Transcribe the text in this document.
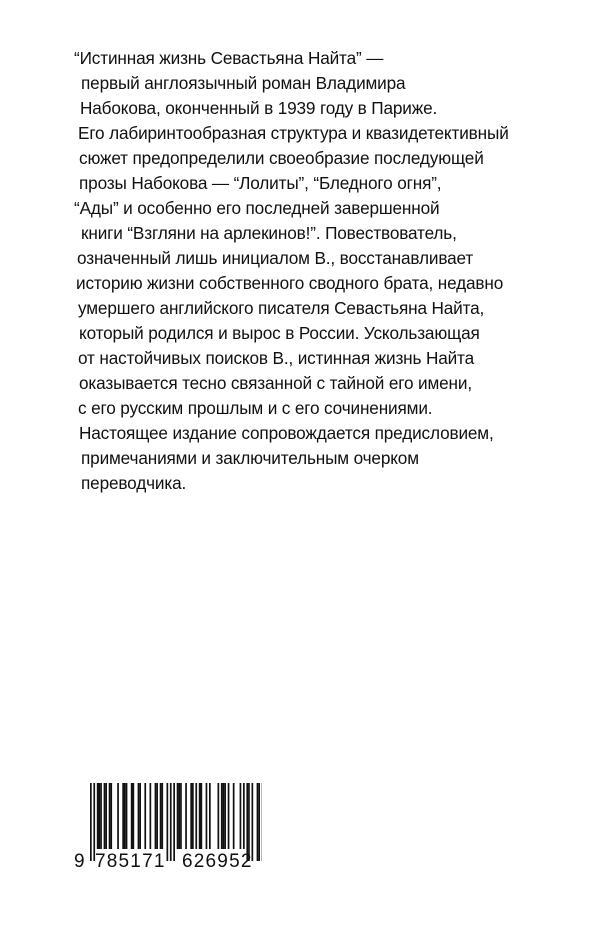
“Истинная жизнь Севастьяна Найта” —
первый англоязычный роман Владимира
Набокова, оконченный в 1939 году в Париже.
Его лабиринтообразная структура и квазидетективный
сюжет предопределили своеобразие последующей
прозы Набокова — “Лолиты”, “Бледного огня”,
“Ады” и особенно его последней завершенной
книги “Взгляни на арлекинов!”. Повествователь,
означенный лишь инициалом В., восстанавливает
историю жизни собственного сводного брата, недавно
умершего английского писателя Севастьяна Найта,
который родился и вырос в России. Ускользающая
от настойчивых поисков В., истинная жизнь Найта
оказывается тесно связанной с тайной его имени,
с его русским прошлым и с его сочинениями.
Настоящее издание сопровождается предисловием,
примечаниями и заключительным очерком
переводчика.
9 785171 626952
